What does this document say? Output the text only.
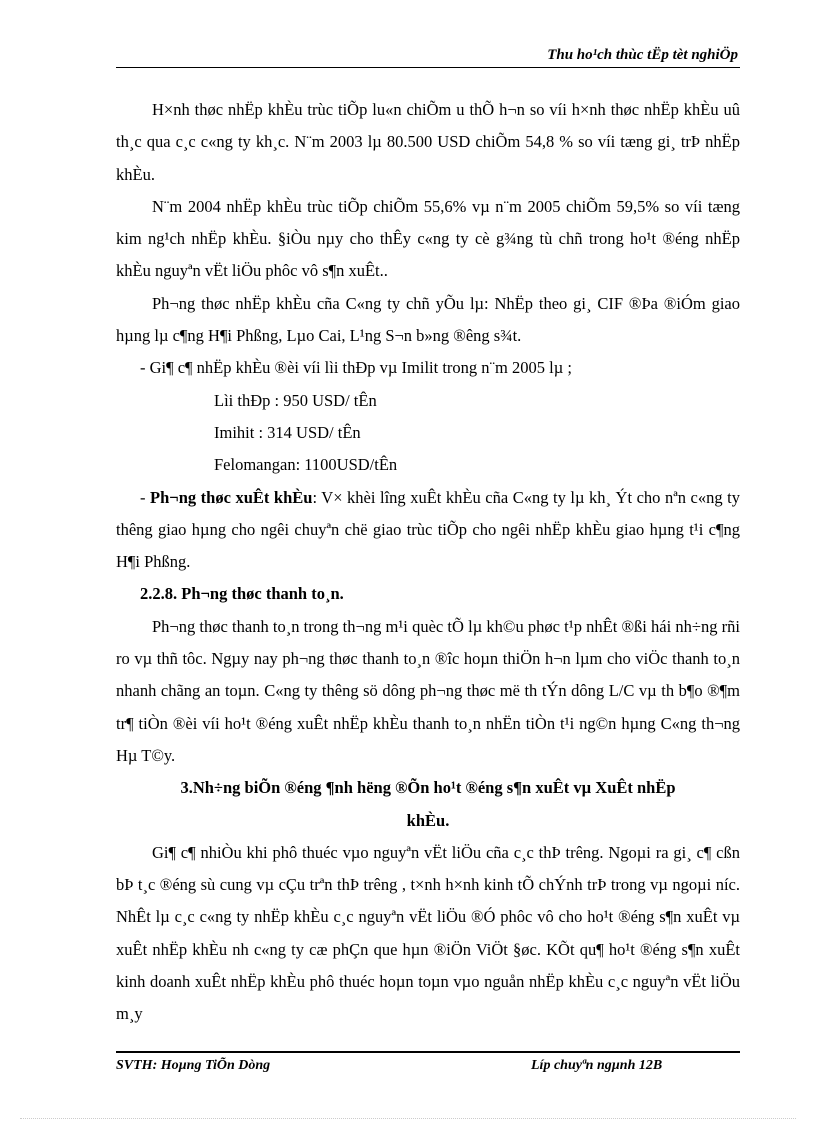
Thu ho¹ch thùc tËp tèt nghiÖp

H×nh thøc nhËp khÈu trùc tiÕp lu«n chiÕm u thÕ h¬n so víi h×nh thøc nhËp khÈu uû th¸c qua c¸c c«ng ty kh¸c. N¨m 2003 lµ 80.500 USD chiÕm 54,8 % so víi tæng gi¸ trÞ nhËp khÈu.

N¨m 2004 nhËp khÈu trùc tiÕp chiÕm 55,6% vµ n¨m 2005 chiÕm 59,5% so víi tæng kim ng¹ch nhËp khÈu. §iÒu nµy cho thÊy c«ng ty cè g¾ng tù chñ trong ho¹t ®éng nhËp khÈu nguyªn vËt liÖu phôc vô s¶n xuÊt..

Ph¬ng thøc nhËp khÈu cña C«ng ty chñ yÕu lµ: NhËp theo gi¸ CIF ®Þa ®iÓm giao hµng lµ c¶ng H¶i Phßng, Lµo Cai, L¹ng S¬n b»ng ®êng s¾t.

- Gi¶ c¶ nhËp khÈu ®èi víi lìi thÐp vµ Imilit trong n¨m 2005 lµ ;

Lìi thÐp : 950 USD/ tÊn

Imihit : 314 USD/ tÊn

Felomangan: 1100USD/tÊn

- Ph¬ng thøc xuÊt khÈu: V× khèi lîng xuÊt khÈu cña C«ng ty lµ kh¸ Ýt cho nªn c«ng ty thêng giao hµng cho ngêi chuyªn chë giao trùc tiÕp cho ngêi nhËp khÈu giao hµng t¹i c¶ng H¶i Phßng.

2.2.8. Ph¬ng thøc thanh to¸n.

Ph¬ng thøc thanh to¸n trong th¬ng m¹i quèc tÕ lµ kh©u phøc t¹p nhÊt ®ßi hái nh÷ng rñi ro vµ thñ tôc. Ngµy nay ph¬ng thøc thanh to¸n ®îc hoµn thiÖn h¬n lµm cho viÖc thanh to¸n nhanh chãng an toµn. C«ng ty thêng sö dông ph¬ng thøc më th tÝn dông L/C vµ th b¶o ®¶m tr¶ tiÒn ®èi víi ho¹t ®éng xuÊt nhËp khÈu thanh to¸n nhËn tiÒn t¹i ng©n hµng C«ng th¬ng Hµ T©y.

3.Nh÷ng biÕn ®éng ¶nh hëng ®Õn ho¹t ®éng s¶n xuÊt vµ XuÊt nhËp

khÈu.

Gi¶ c¶ nhiÒu khi phô thuéc vµo nguyªn vËt liÖu cña c¸c thÞ trêng. Ngoµi ra gi¸ c¶ cßn bÞ t¸c ®éng sù cung vµ cÇu trªn thÞ trêng , t×nh h×nh kinh tÕ chÝnh trÞ trong vµ ngoµi níc. NhÊt lµ c¸c c«ng ty nhËp khÈu c¸c nguyªn vËt liÖu ®Ó phôc vô cho ho¹t ®éng s¶n xuÊt vµ xuÊt nhËp khÈu nh c«ng ty cæ phÇn que hµn ®iÖn ViÖt §øc. KÕt qu¶ ho¹t ®éng s¶n xuÊt kinh doanh xuÊt nhËp khÈu phô thuéc hoµn toµn vµo nguån nhËp khÈu c¸c nguyªn vËt liÖu m¸y

SVTH: Hoµng TiÕn Dòng	Líp chuyªn ngµnh 12B
